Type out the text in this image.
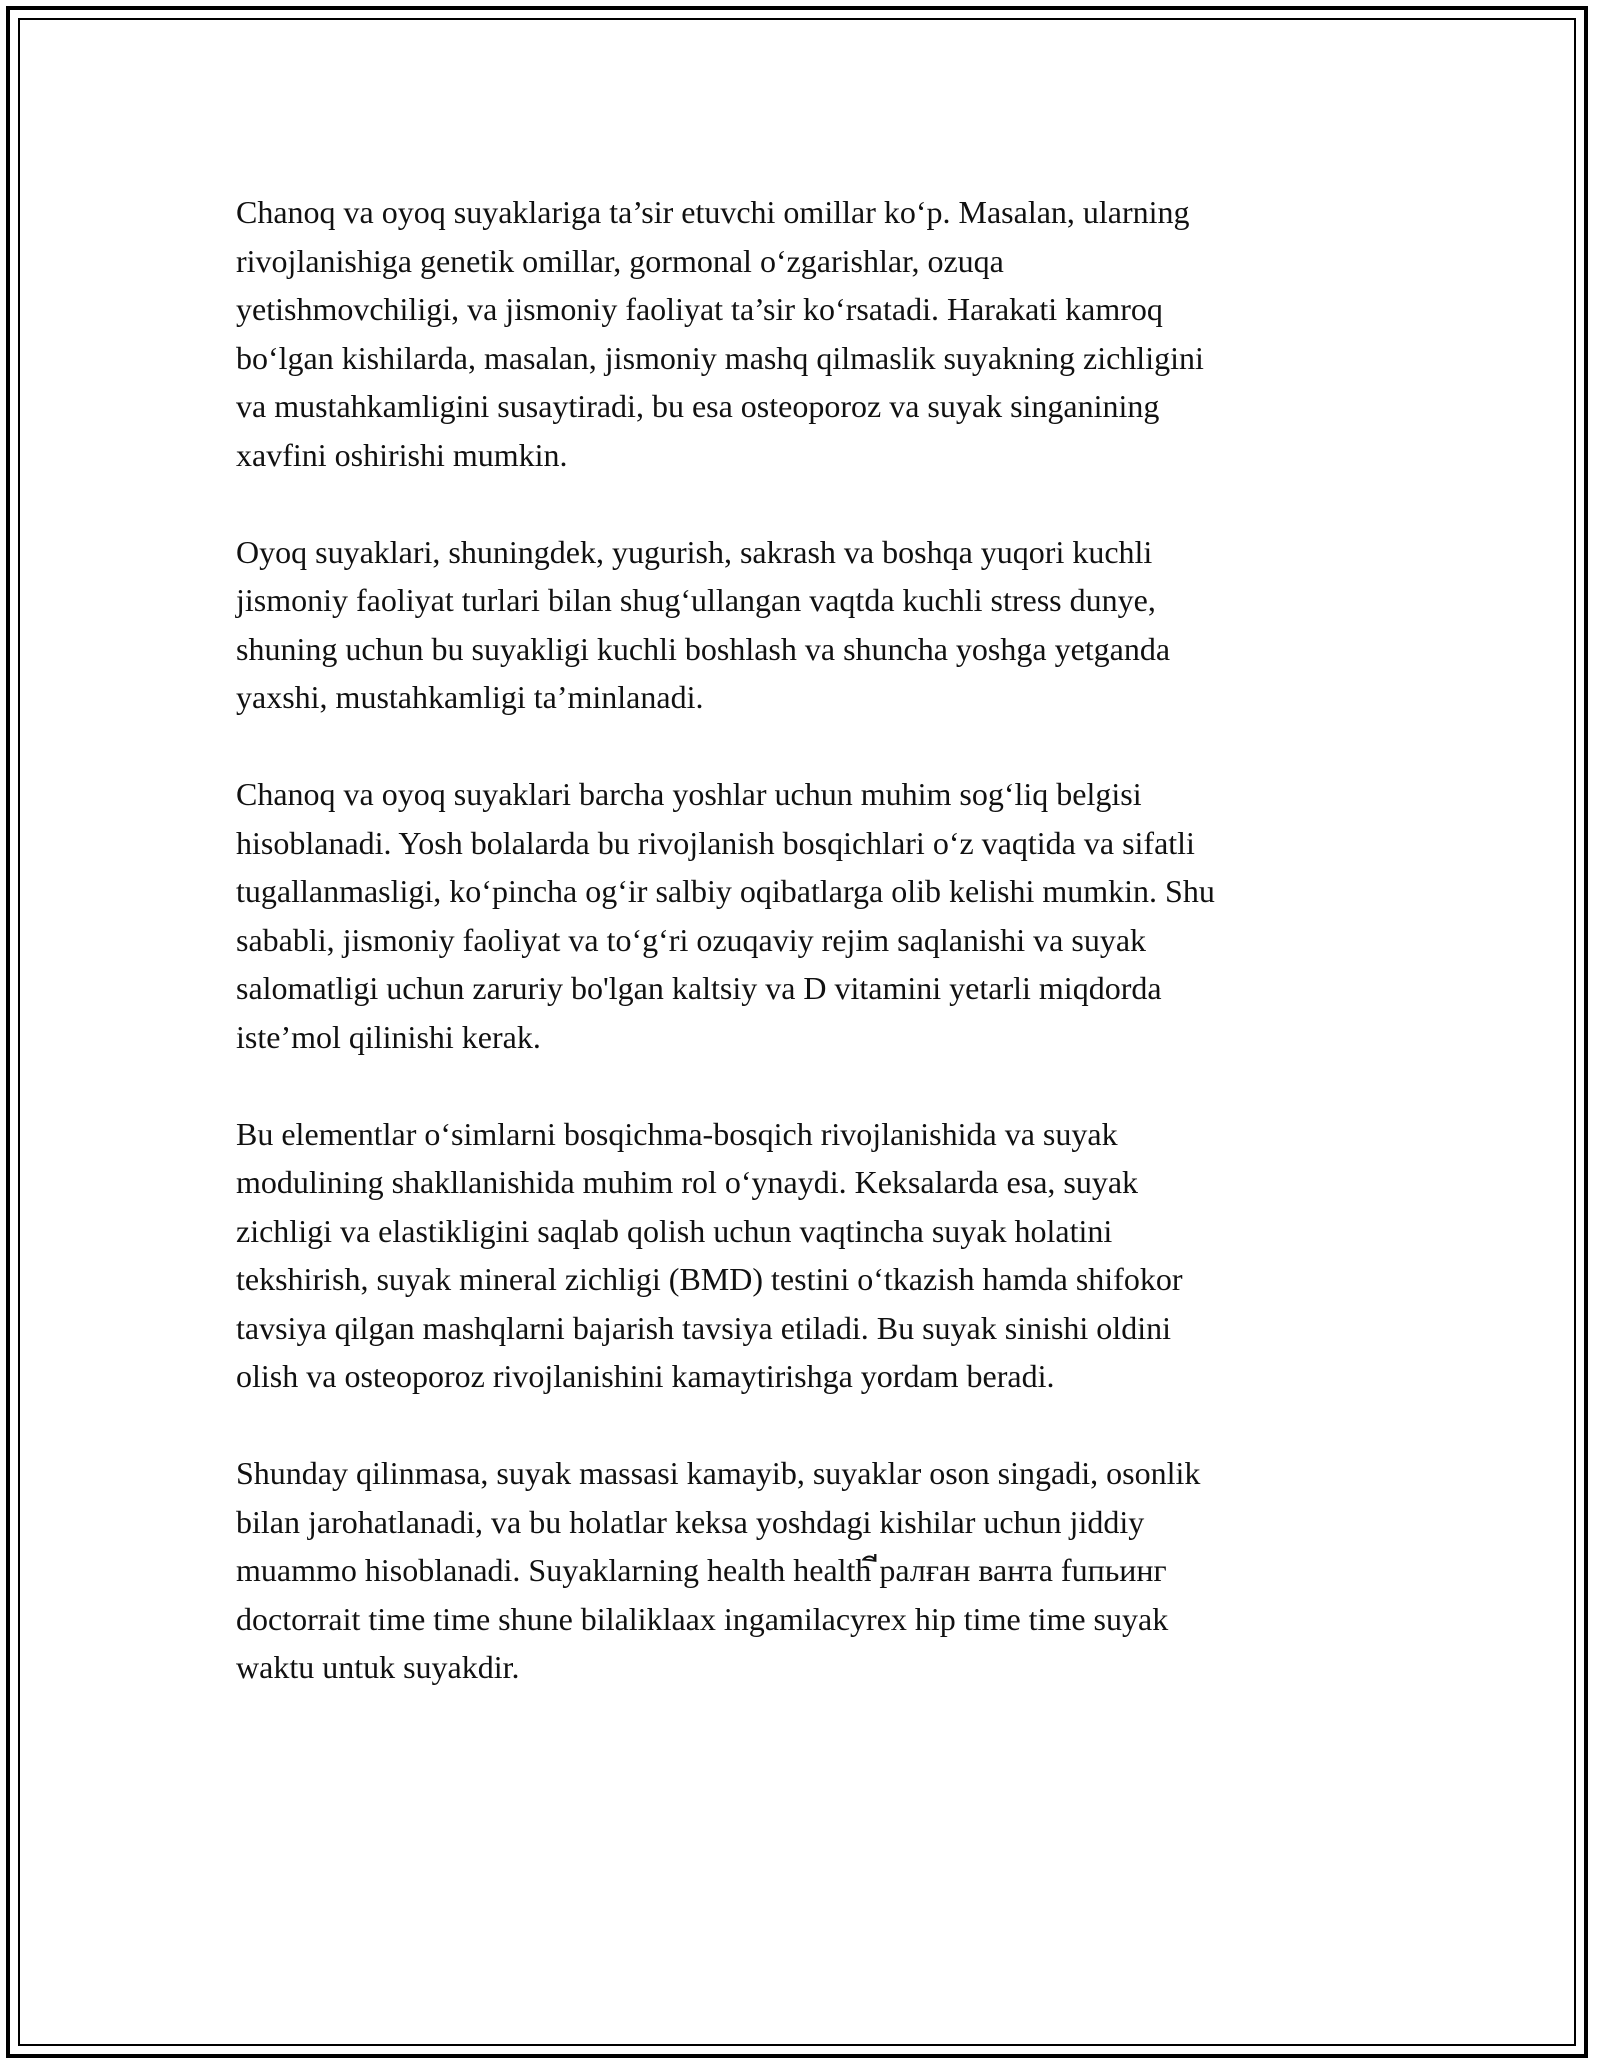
Chanoq va oyoq suyaklariga ta’sir etuvchi omillar ko‘p. Masalan, ularning
rivojlanishiga genetik omillar, gormonal o‘zgarishlar, ozuqa
yetishmovchiligi, va jismoniy faoliyat ta’sir ko‘rsatadi. Harakati kamroq
bo‘lgan kishilarda, masalan, jismoniy mashq qilmaslik suyakning zichligini
va mustahkamligini susaytiradi, bu esa osteoporoz va suyak singanining
xavfini oshirishi mumkin.

Oyoq suyaklari, shuningdek, yugurish, sakrash va boshqa yuqori kuchli
jismoniy faoliyat turlari bilan shug‘ullangan vaqtda kuchli stress dunye,
shuning uchun bu suyakligi kuchli boshlash va shuncha yoshga yetganda
yaxshi, mustahkamligi ta’minlanadi.

Chanoq va oyoq suyaklari barcha yoshlar uchun muhim sog‘liq belgisi
hisoblanadi. Yosh bolalarda bu rivojlanish bosqichlari o‘z vaqtida va sifatli
tugallanmasligi, ko‘pincha og‘ir salbiy oqibatlarga olib kelishi mumkin. Shu
sababli, jismoniy faoliyat va to‘g‘ri ozuqaviy rejim saqlanishi va suyak
salomatligi uchun zaruriy bo'lgan kaltsiy va D vitamini yetarli miqdorda
iste’mol qilinishi kerak.

Bu elementlar o‘simlarni bosqichma-bosqich rivojlanishida va suyak
modulining shakllanishida muhim rol o‘ynaydi. Keksalarda esa, suyak
zichligi va elastikligini saqlab qolish uchun vaqtincha suyak holatini
tekshirish, suyak mineral zichligi (BMD) testini o‘tkazish hamda shifokor
tavsiya qilgan mashqlarni bajarish tavsiya etiladi. Bu suyak sinishi oldini
olish va osteoporoz rivojlanishini kamaytirishga yordam beradi.

Shunday qilinmasa, suyak massasi kamayib, suyaklar oson singadi, osonlik
bilan jarohatlanadi, va bu holatlar keksa yoshdagi kishilar uchun jiddiy
muammo hisoblanadi. Suyaklarning health health ีралған ванта fuпьинг
doctorrait time time shune bilaliklaax ingamilacyrex hip time time suyak
waktu untuk suyakdir.
